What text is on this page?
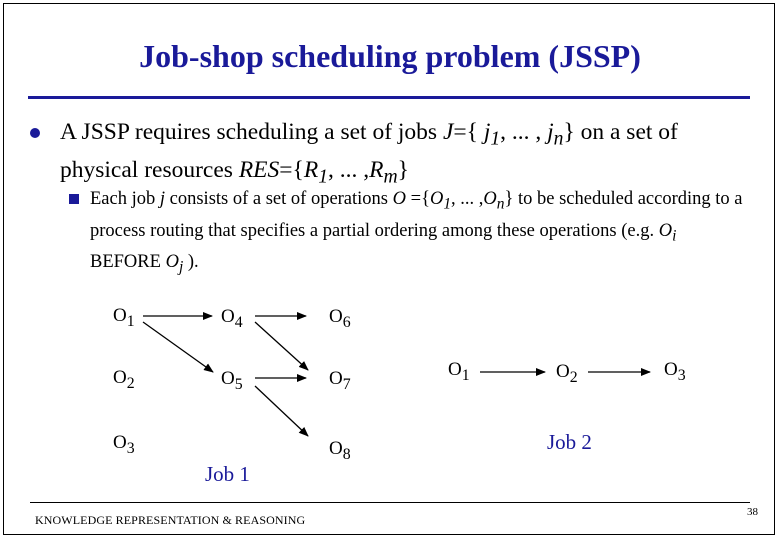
Job-shop scheduling problem (JSSP)
A JSSP requires scheduling a set of jobs J={ $j_1$, ... , $j_n$} on a set of physical resources $RES=\{R_1$, ... $,R_m$}
Each job j consists of a set of operations $O =\{O_1$, ... $,O_n$} to be scheduled according to a process routing that specifies a partial ordering among these operations (e.g. $O_i$ BEFORE $O_j$ ).
$O_1$
$O_2$
$O_3$
$O_4$
$O_5$
$O_6$
$O_7$
$O_8$
Job 1
$O_1$	$O_2$	$O_3$
Job 2
KNOWLEDGE REPRESENTATION & REASONING
38
